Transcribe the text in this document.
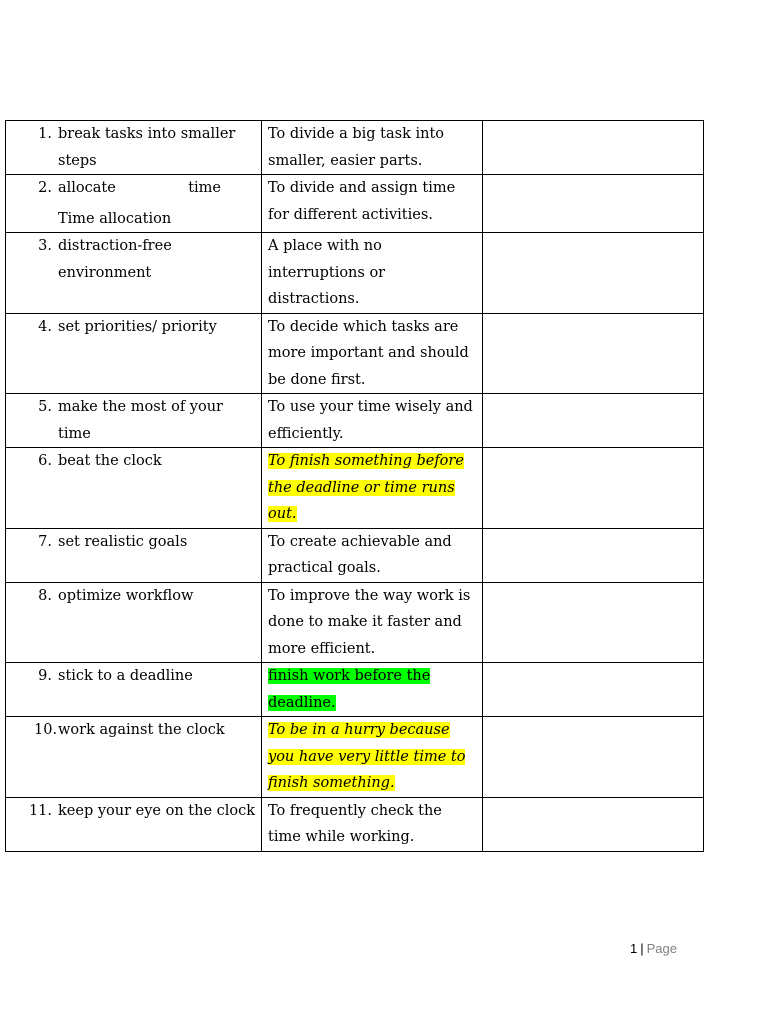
1. break tasks into smaller steps	To divide a big task into smaller, easier parts.	

2. allocate time
Time allocation	To divide and assign time for different activities.	

3. distraction-free environment	A place with no interruptions or distractions.	

4. set priorities/ priority	To decide which tasks are more important and should be done first.	

5. make the most of your time	To use your time wisely and efficiently.	

6. beat the clock	To finish something before the deadline or time runs out.	

7. set realistic goals	To create achievable and practical goals.	

8. optimize workflow	To improve the way work is done to make it faster and more efficient.	

9. stick to a deadline	finish work before the deadline.	

10. work against the clock	To be in a hurry because you have very little time to finish something.	

11. keep your eye on the clock	To frequently check the time while working.	
1 | Page
